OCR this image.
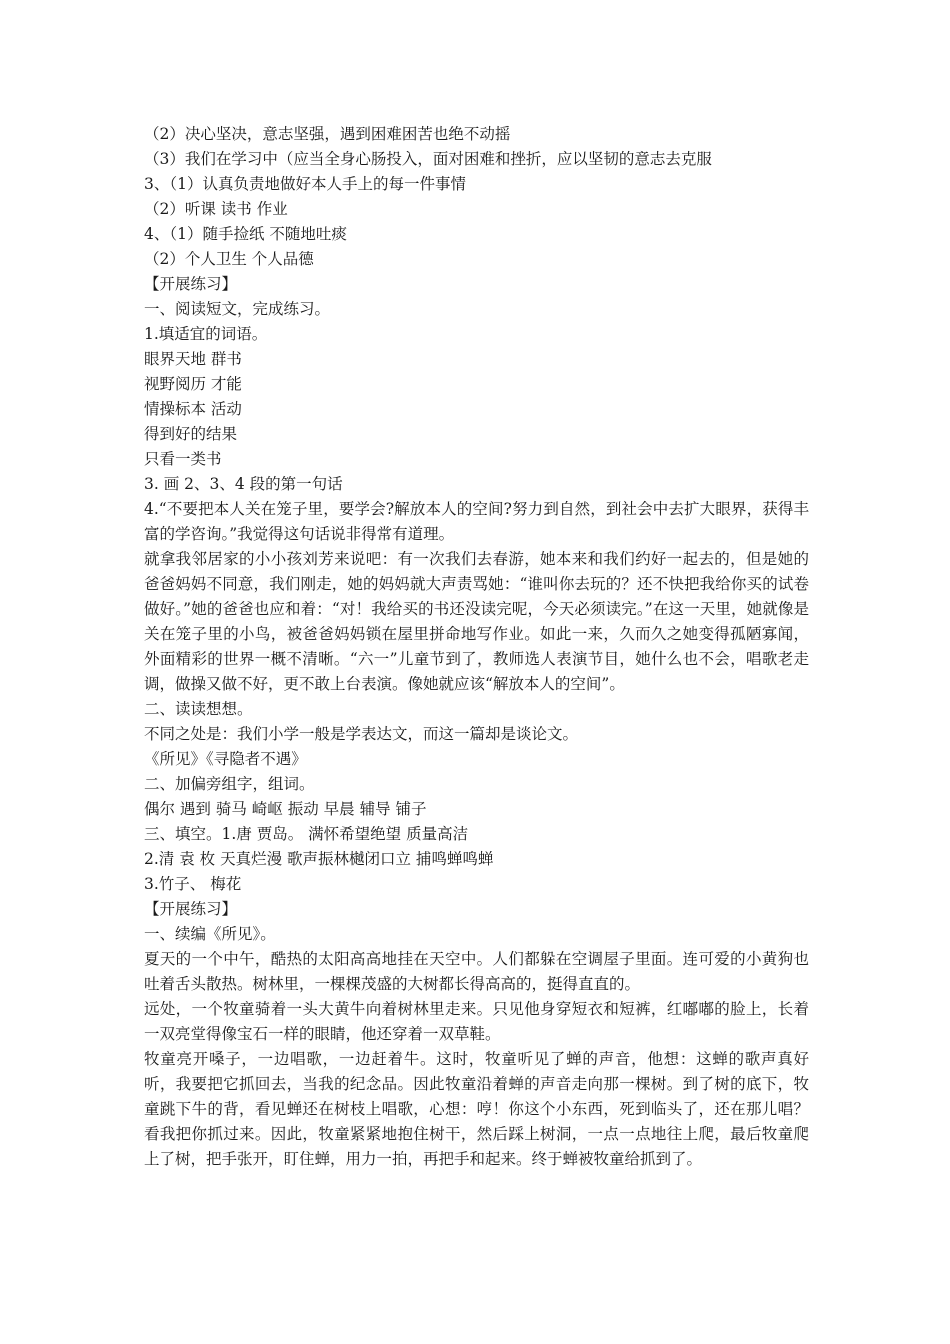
（2）决心坚决，意志坚强，遇到困难困苦也绝不动摇
（3）我们在学习中（应当全身心肠投入，面对困难和挫折，应以坚韧的意志去克服
3、（1）认真负责地做好本人手上的每一件事情
（2）听课 读书 作业
4、（1）随手捡纸 不随地吐痰
（2）个人卫生 个人品德
【开展练习】
一、阅读短文，完成练习。
1.填适宜的词语。
眼界天地 群书
视野阅历 才能
情操标本 活动
得到好的结果
只看一类书
3. 画 2、3、4 段的第一句话
4.“不要把本人关在笼子里，要学会?解放本人的空间?努力到自然，到社会中去扩大眼界，获得丰富的学咨询。”我觉得这句话说非得常有道理。
就拿我邻居家的小小孩刘芳来说吧：有一次我们去春游，她本来和我们约好一起去的，但是她的爸爸妈妈不同意，我们刚走，她的妈妈就大声责骂她：“谁叫你去玩的？还不快把我给你买的试卷做好。”她的爸爸也应和着：“对！我给买的书还没读完呢，今天必须读完。”在这一天里，她就像是关在笼子里的小鸟，被爸爸妈妈锁在屋里拼命地写作业。如此一来，久而久之她变得孤陋寡闻，外面精彩的世界一概不清晰。“六一”儿童节到了，教师选人表演节目，她什么也不会，唱歌老走调，做操又做不好，更不敢上台表演。像她就应该“解放本人的空间”。
二、读读想想。
不同之处是：我们小学一般是学表达文，而这一篇却是谈论文。
《所见》《寻隐者不遇》
二、加偏旁组字，组词。
偶尔 遇到 骑马 崎岖 振动 早晨 辅导 铺子
三、填空。1.唐 贾岛。 满怀希望绝望 质量高洁
2.清 袁 枚 天真烂漫 歌声振林樾闭口立 捕鸣蝉鸣蝉
3.竹子、 梅花
【开展练习】
一、续编《所见》。
夏天的一个中午，酷热的太阳高高地挂在天空中。人们都躲在空调屋子里面。连可爱的小黄狗也吐着舌头散热。树林里，一棵棵茂盛的大树都长得高高的，挺得直直的。
远处，一个牧童骑着一头大黄牛向着树林里走来。只见他身穿短衣和短裤，红嘟嘟的脸上，长着一双亮堂得像宝石一样的眼睛，他还穿着一双草鞋。
牧童亮开嗓子，一边唱歌，一边赶着牛。这时，牧童听见了蝉的声音，他想：这蝉的歌声真好听，我要把它抓回去，当我的纪念品。因此牧童沿着蝉的声音走向那一棵树。到了树的底下，牧童跳下牛的背，看见蝉还在树枝上唱歌，心想：哼！你这个小东西，死到临头了，还在那儿唱？看我把你抓过来。因此，牧童紧紧地抱住树干，然后踩上树洞，一点一点地往上爬，最后牧童爬上了树，把手张开，盯住蝉，用力一拍，再把手和起来。终于蝉被牧童给抓到了。
